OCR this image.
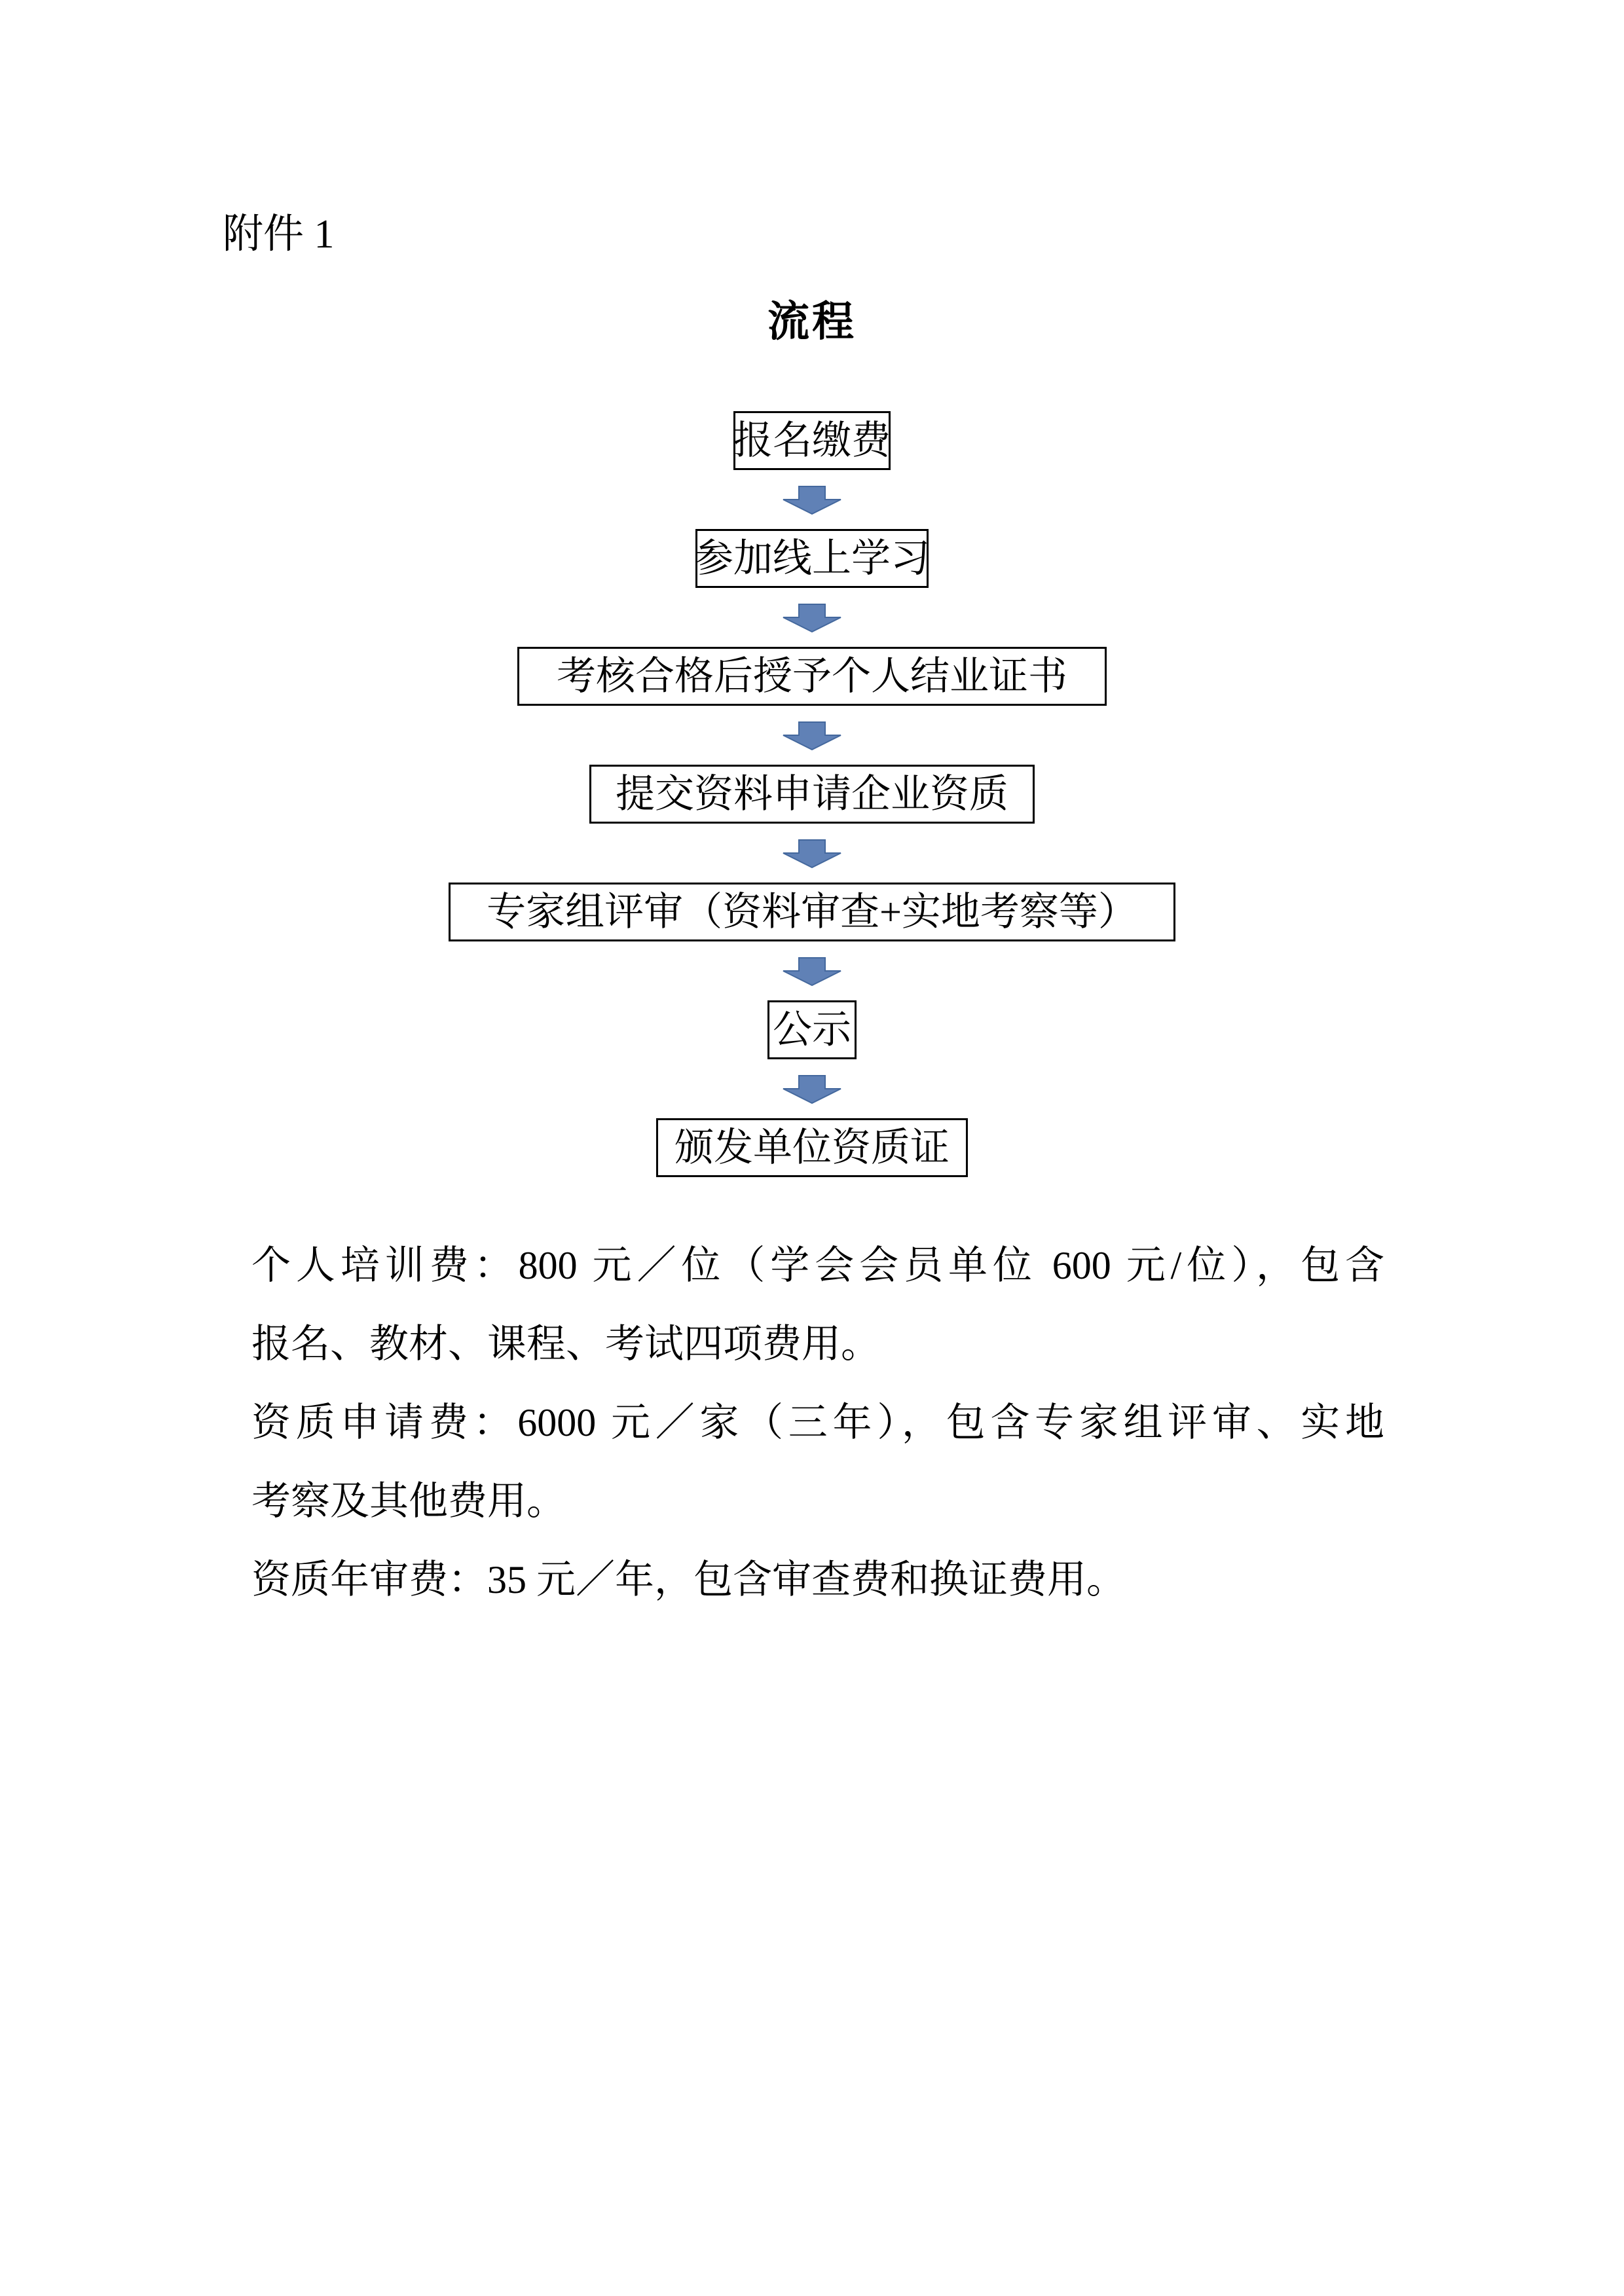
附件 1
流程
报名缴费
参加线上学习
考核合格后授予个人结业证书
提交资料申请企业资质
专家组评审（资料审查+实地考察等）
公示
颁发单位资质证
个人培训费：800 元／位（学会会员单位 600 元/位），包含
报名、教材、课程、考试四项费用。
资质申请费：6000 元／家（三年），包含专家组评审、实地
考察及其他费用。
资质年审费：35 元／年，包含审查费和换证费用。
